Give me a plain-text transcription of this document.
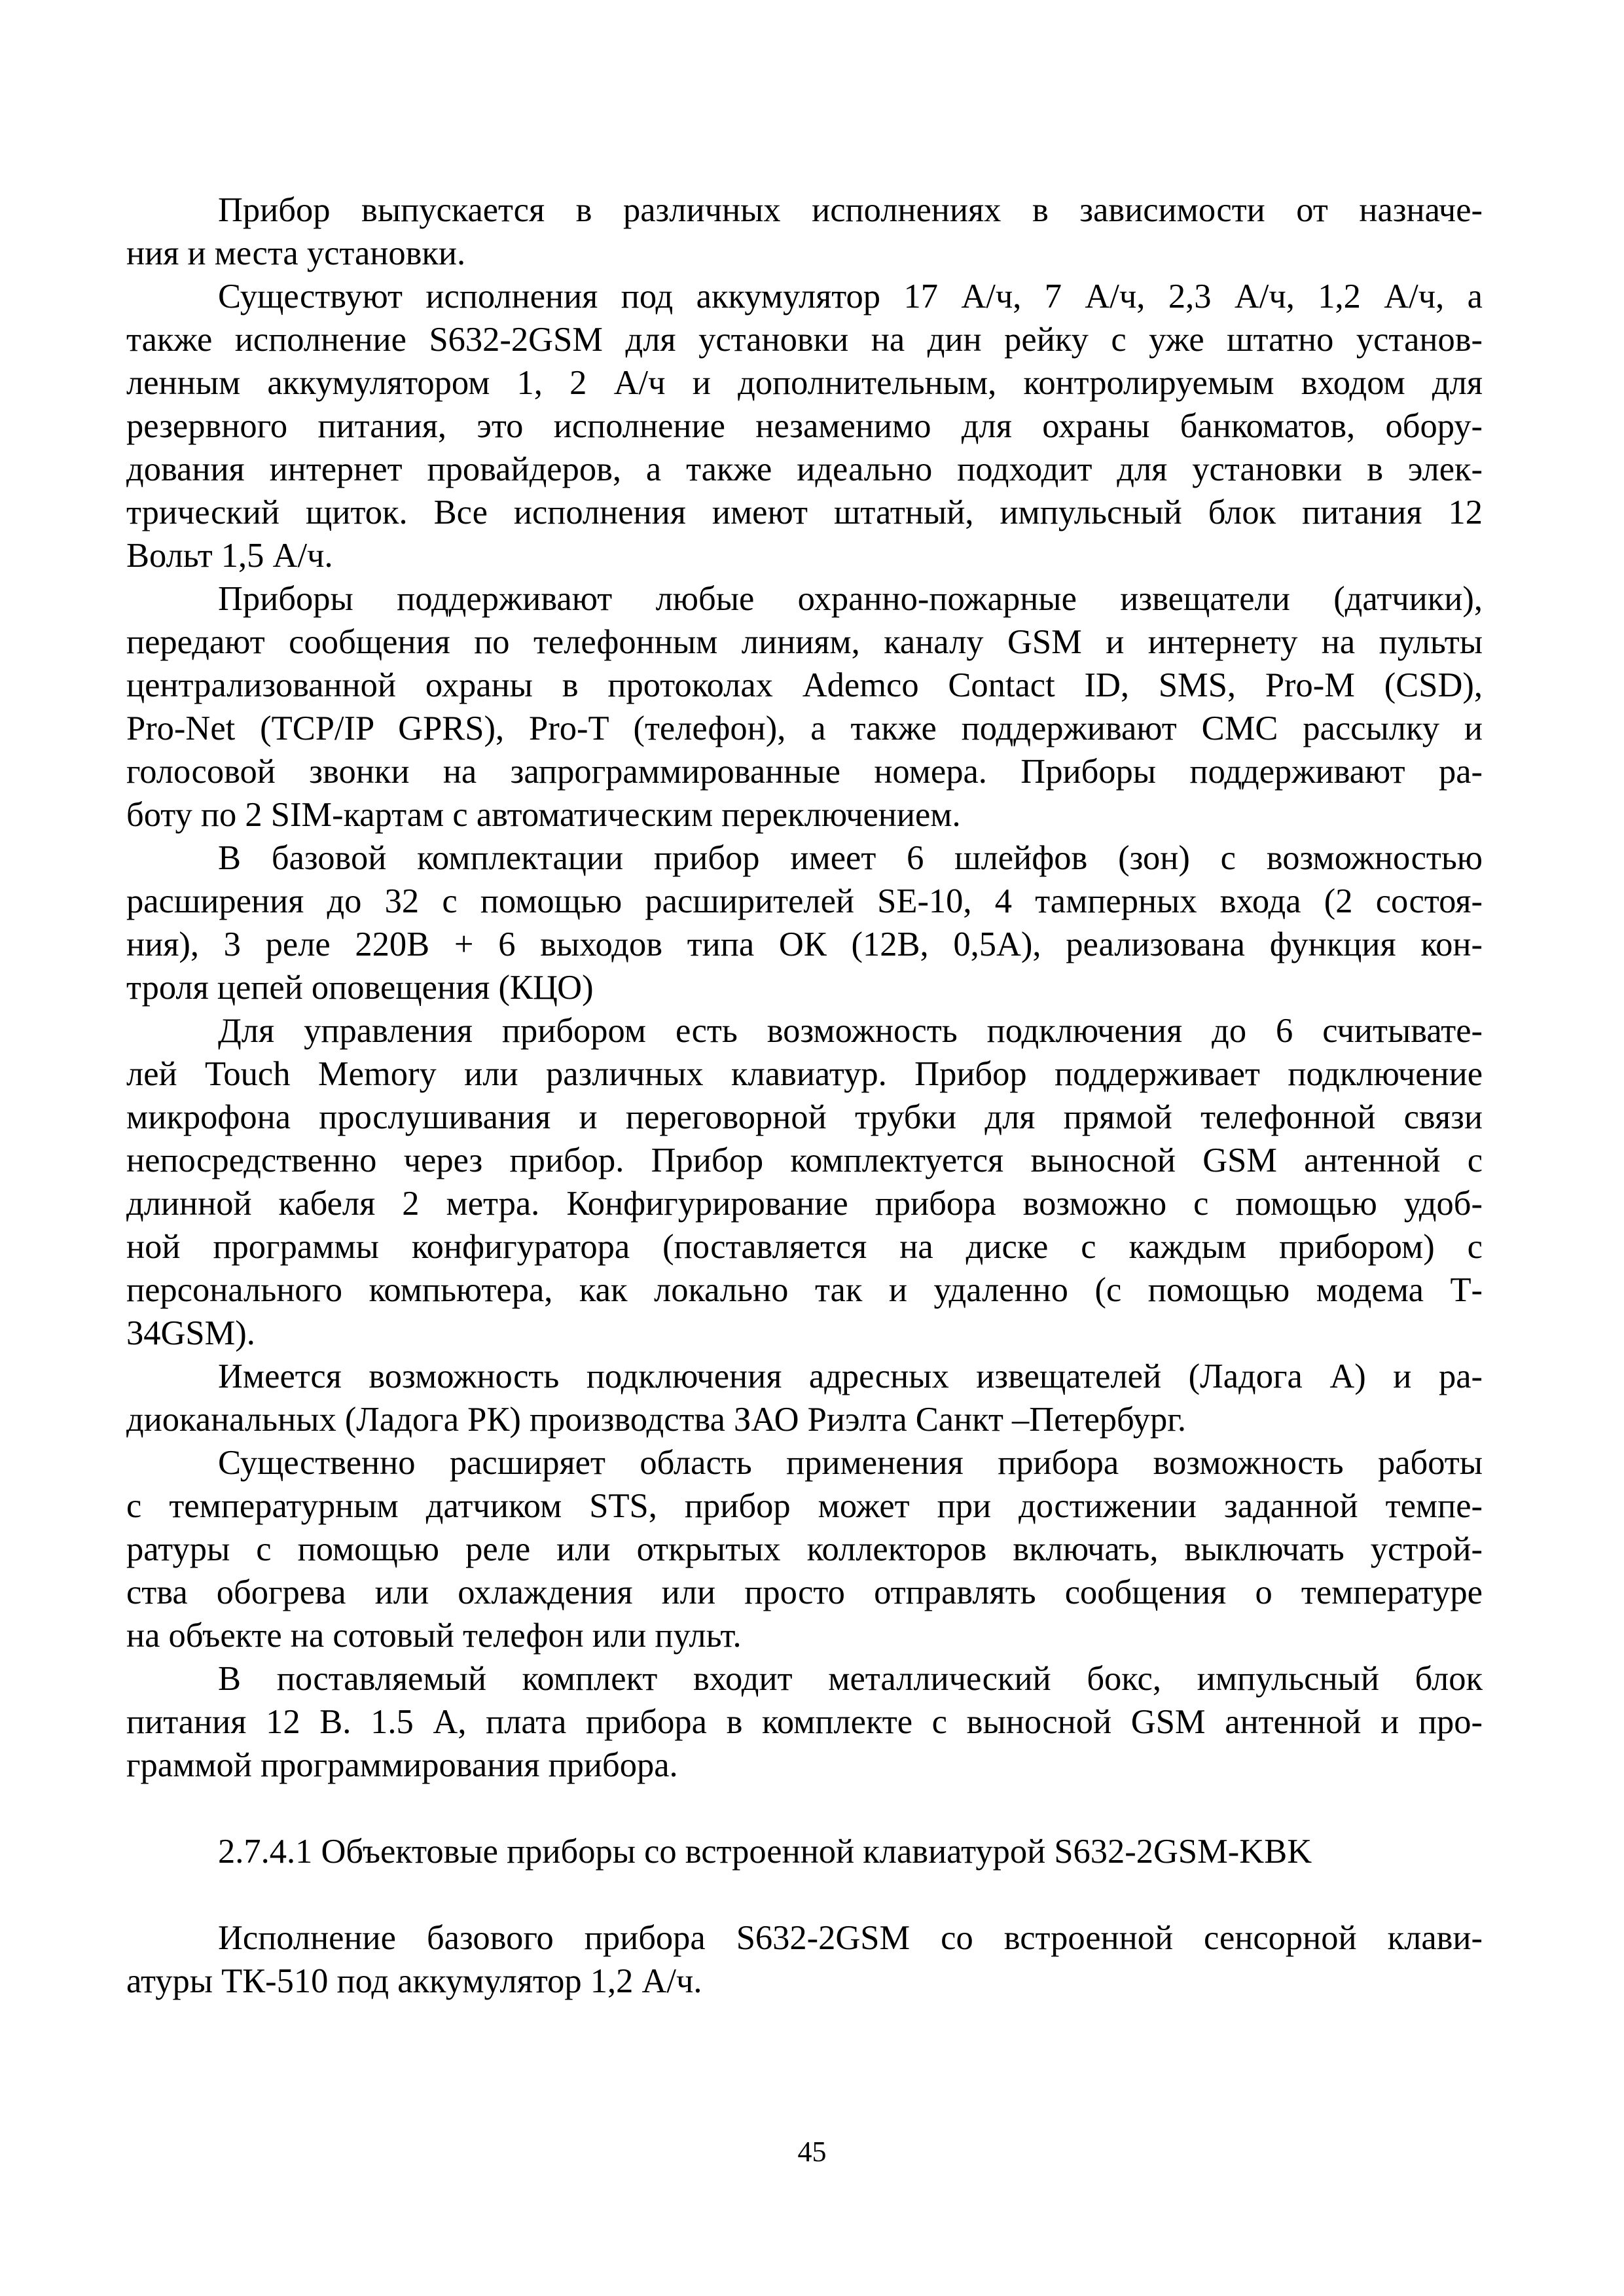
Прибор выпускается в различных исполнениях в зависимости от назначе-
ния и места установки.

Существуют исполнения под аккумулятор 17 А/ч, 7 А/ч, 2,3 А/ч, 1,2 А/ч, а
также исполнение S632-2GSM для установки на дин рейку с уже штатно установ-
ленным аккумулятором 1, 2 А/ч и дополнительным, контролируемым входом для
резервного питания, это исполнение незаменимо для охраны банкоматов, обору-
дования интернет провайдеров, а также идеально подходит для установки в элек-
трический щиток. Все исполнения имеют штатный, импульсный блок питания 12
Вольт 1,5 А/ч.

Приборы поддерживают любые охранно-пожарные извещатели (датчики),
передают сообщения по телефонным линиям, каналу GSM и интернету на пульты
централизованной охраны в протоколах Ademco Contact ID, SMS, Pro-M (CSD),
Pro-Net (TCP/IP GPRS), Pro-T (телефон), а также поддерживают СМС рассылку и
голосовой звонки на запрограммированные номера. Приборы поддерживают ра-
боту по 2 SIM-картам с автоматическим переключением.

В базовой комплектации прибор имеет 6 шлейфов (зон) с возможностью
расширения до 32 с помощью расширителей SE-10, 4 тамперных входа (2 состоя-
ния), 3 реле 220В + 6 выходов типа ОК (12В, 0,5А), реализована функция кон-
троля цепей оповещения (КЦО)

Для управления прибором есть возможность подключения до 6 считывате-
лей Touch Memory или различных клавиатур. Прибор поддерживает подключение
микрофона прослушивания и переговорной трубки для прямой телефонной связи
непосредственно через прибор. Прибор комплектуется выносной GSM антенной с
длинной кабеля 2 метра. Конфигурирование прибора возможно с помощью удоб-
ной программы конфигуратора (поставляется на диске с каждым прибором) с
персонального компьютера, как локально так и удаленно (с помощью модема Т-
34GSM).

Имеется возможность подключения адресных извещателей (Ладога А) и ра-
диоканальных (Ладога РК) производства ЗАО Риэлта Санкт –Петербург.

Существенно расширяет область применения прибора возможность работы
с температурным датчиком STS, прибор может при достижении заданной темпе-
ратуры с помощью реле или открытых коллекторов включать, выключать устрой-
ства обогрева или охлаждения или просто отправлять сообщения о температуре
на объекте на сотовый телефон или пульт.

В поставляемый комплект входит металлический бокс, импульсный блок
питания 12 В. 1.5 А, плата прибора в комплекте с выносной GSM антенной и про-
граммой программирования прибора.

2.7.4.1 Объектовые приборы со встроенной клавиатурой S632-2GSM-KBK

Исполнение базового прибора S632-2GSM со встроенной сенсорной клави-
атуры ТК-510 под аккумулятор 1,2 А/ч.

45
